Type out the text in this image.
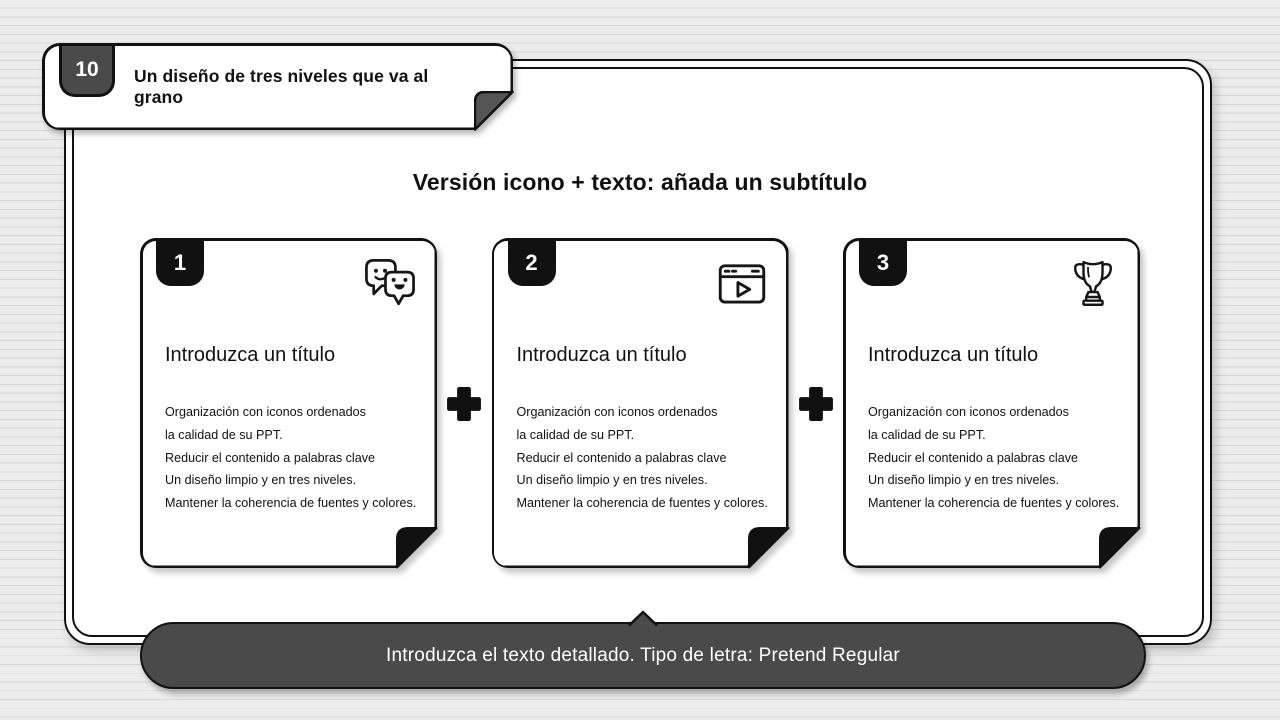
10 Un diseño de tres niveles que va al grano
Versión icono + texto: añada un subtítulo
1
Introduzca un título
Organización con iconos ordenados
la calidad de su PPT.
Reducir el contenido a palabras clave
Un diseño limpio y en tres niveles.
Mantener la coherencia de fuentes y colores.
2
Introduzca un título
Organización con iconos ordenados
la calidad de su PPT.
Reducir el contenido a palabras clave
Un diseño limpio y en tres niveles.
Mantener la coherencia de fuentes y colores.
3
Introduzca un título
Organización con iconos ordenados
la calidad de su PPT.
Reducir el contenido a palabras clave
Un diseño limpio y en tres niveles.
Mantener la coherencia de fuentes y colores.
Introduzca el texto detallado. Tipo de letra: Pretend Regular
